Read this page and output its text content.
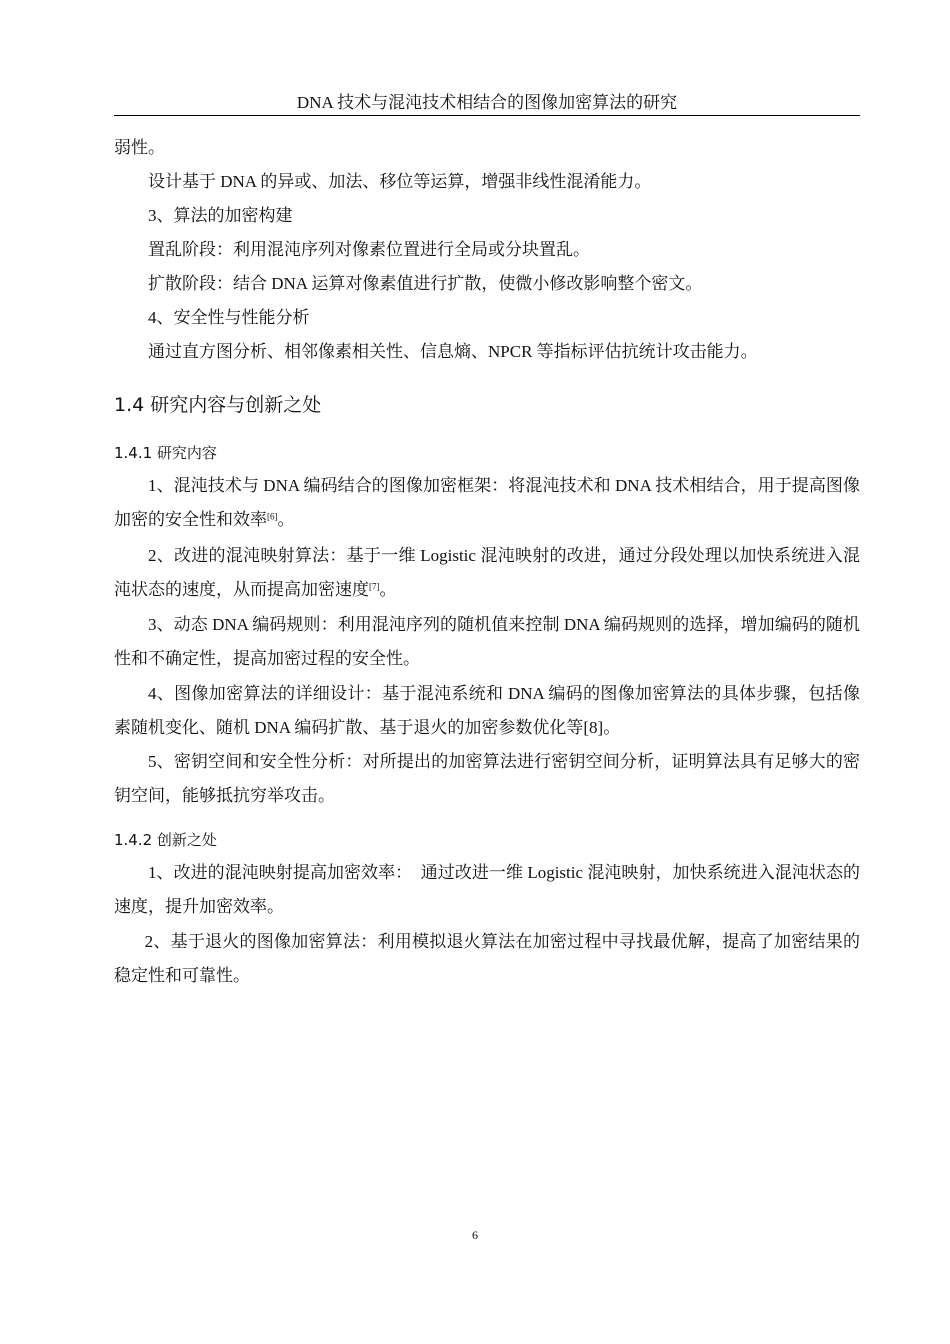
DNA 技术与混沌技术相结合的图像加密算法的研究
弱性。
设计基于 DNA 的异或、加法、移位等运算，增强非线性混淆能力。
3、算法的加密构建
置乱阶段：利用混沌序列对像素位置进行全局或分块置乱。
扩散阶段：结合 DNA 运算对像素值进行扩散，使微小修改影响整个密文。
4、安全性与性能分析
通过直方图分析、相邻像素相关性、信息熵、NPCR 等指标评估抗统计攻击能力。
1.4 研究内容与创新之处
1.4.1 研究内容

1、混沌技术与 DNA 编码结合的图像加密框架：将混沌技术和 DNA 技术相结合，用于提高图像加密的安全性和效率[6]。

2、改进的混沌映射算法：基于一维 Logistic 混沌映射的改进，通过分段处理以加快系统进入混沌状态的速度，从而提高加密速度[7]。

3、动态 DNA 编码规则：利用混沌序列的随机值来控制 DNA 编码规则的选择，增加编码的随机性和不确定性，提高加密过程的安全性。

4、图像加密算法的详细设计：基于混沌系统和 DNA 编码的图像加密算法的具体步骤，包括像素随机变化、随机 DNA 编码扩散、基于退火的加密参数优化等[8]。

5、密钥空间和安全性分析：对所提出的加密算法进行密钥空间分析，证明算法具有足够大的密钥空间，能够抵抗穷举攻击。

1.4.2 创新之处

1、改进的混沌映射提高加密效率：　通过改进一维 Logistic 混沌映射，加快系统进入混沌状态的速度，提升加密效率。

2、基于退火的图像加密算法：利用模拟退火算法在加密过程中寻找最优解，提高了加密结果的稳定性和可靠性。

6
